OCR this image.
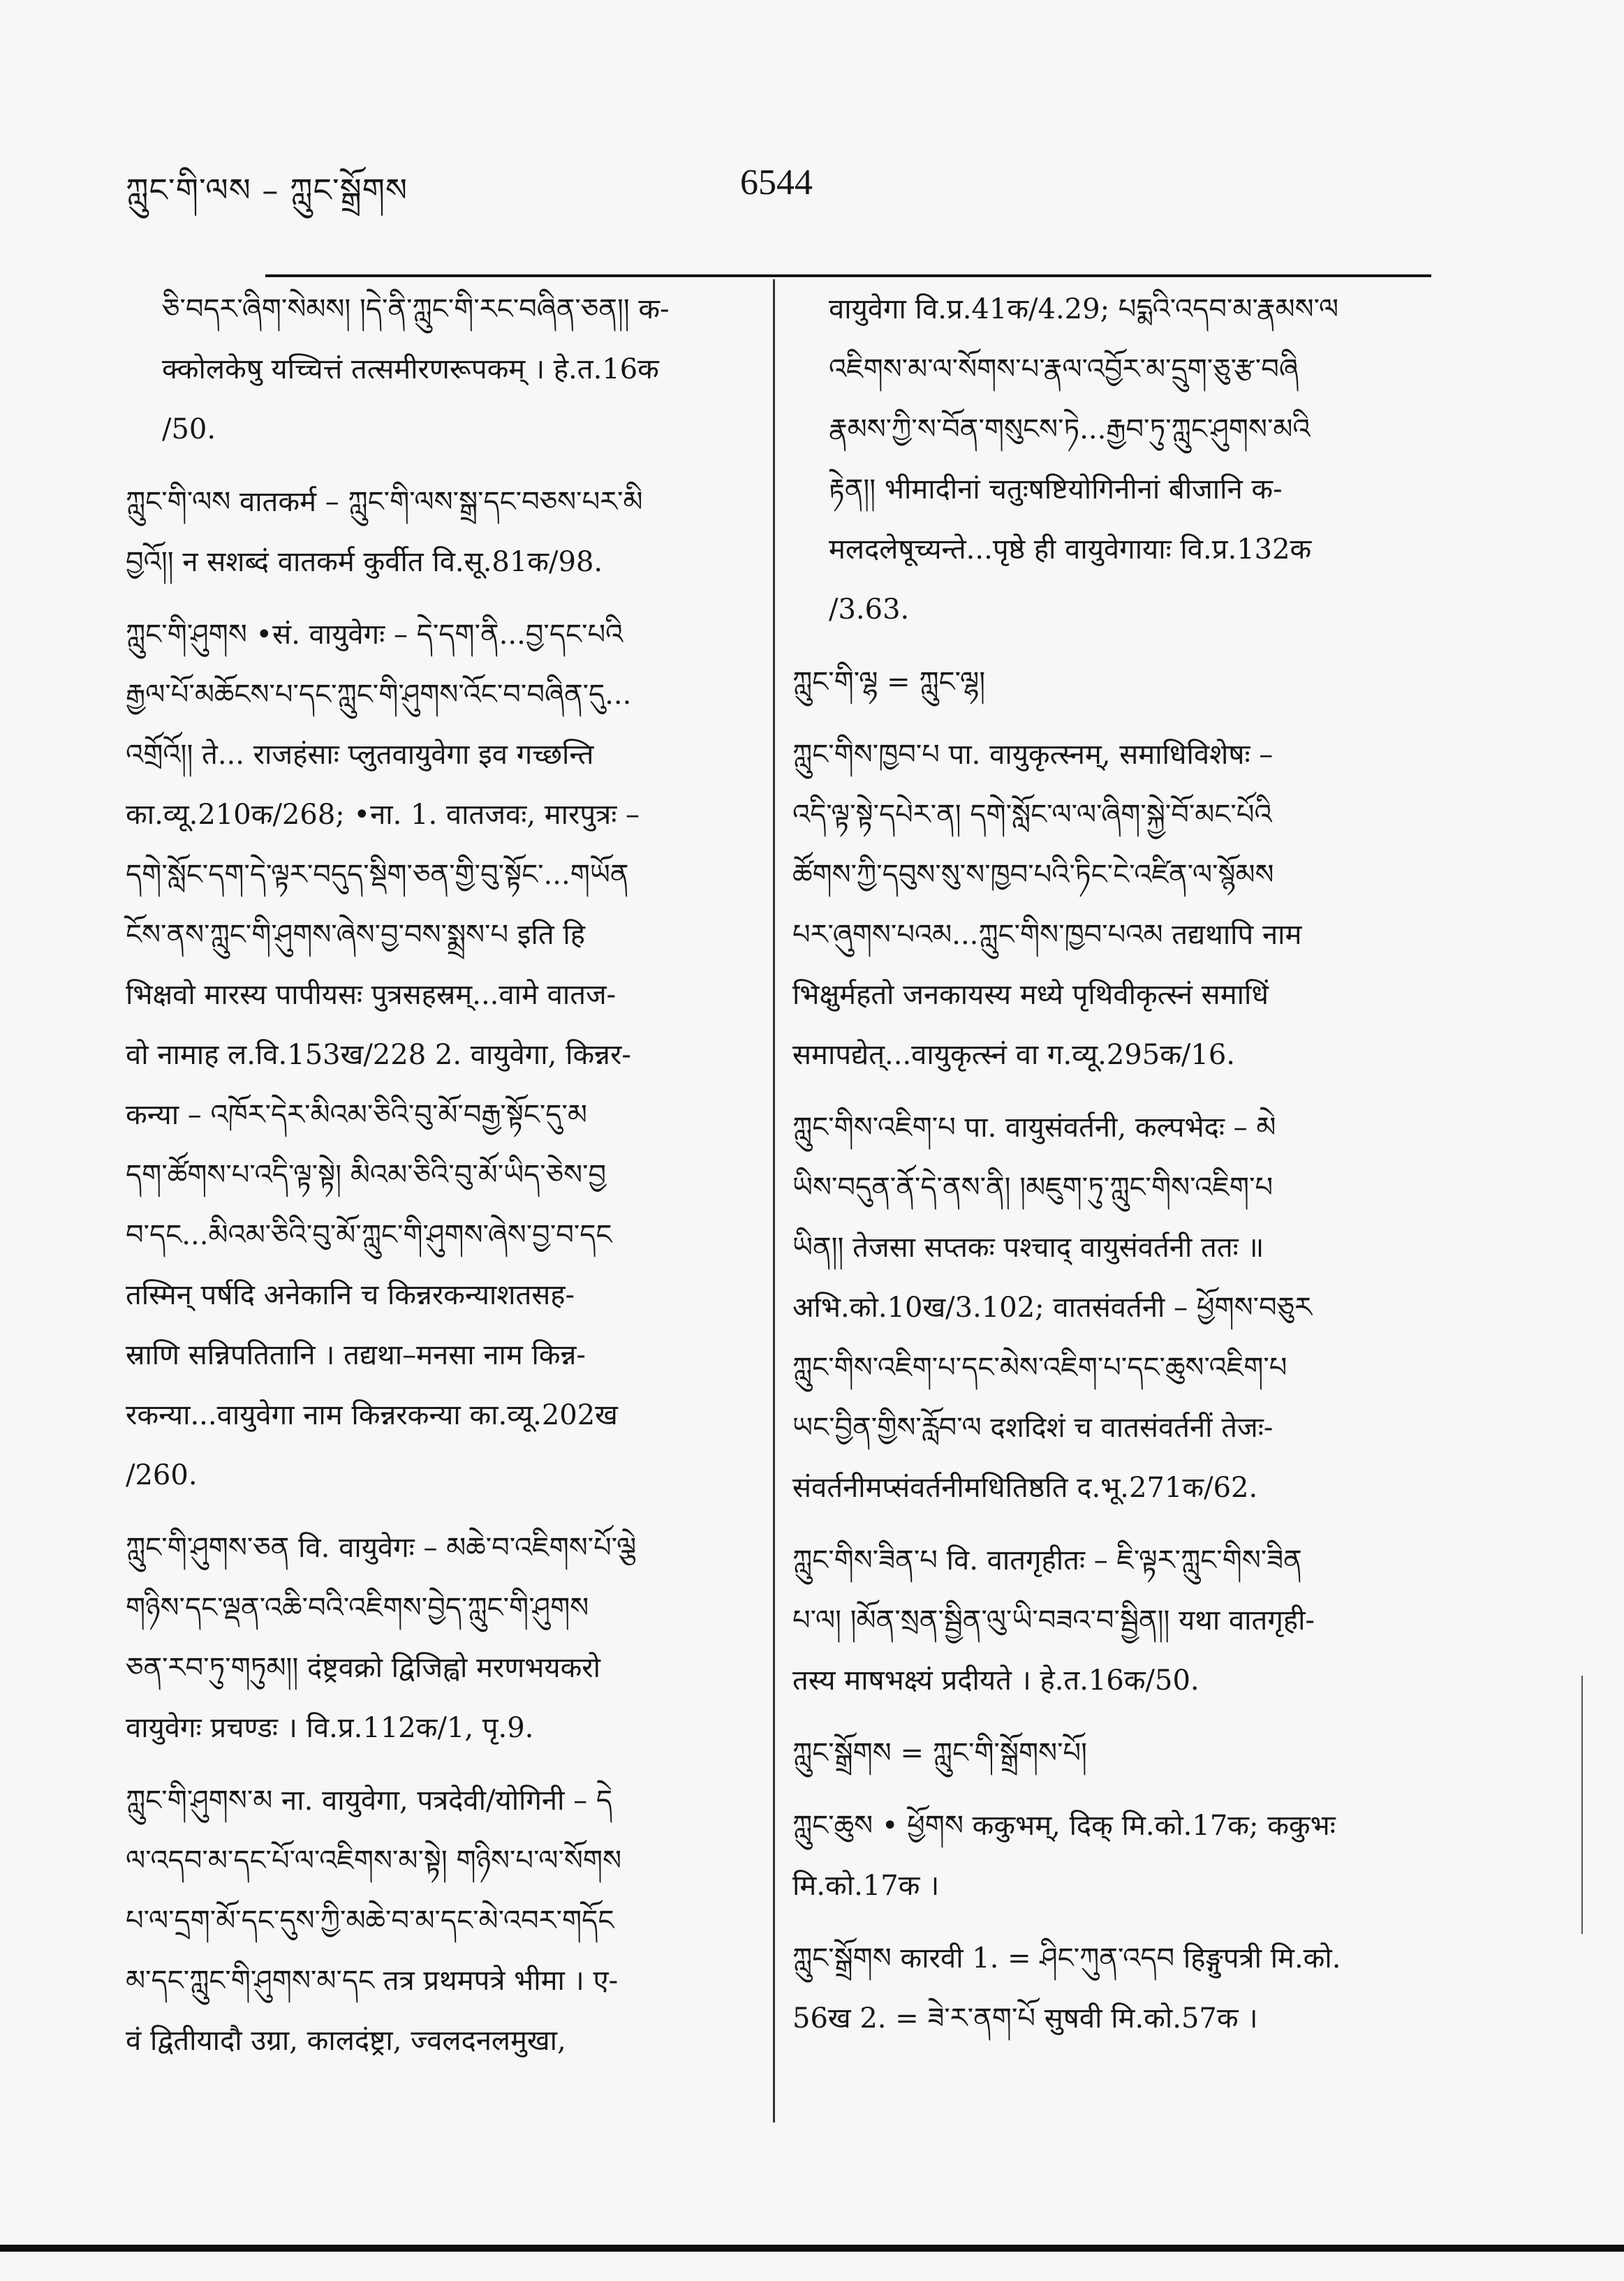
ཀླུང་གི་ལས – ཀླུང་སྒྲོགས	6544
ཅི་བདར་ཞིག་སེམས། །དེ་ནི་ཀླུང་གི་རང་བཞིན་ཅན།། क-
क्कोलकेषु यच्चित्तं तत्समीरणरूपकम् । हे.त.16क
/50.
ཀླུང་གི་ལས वातकर्म – ཀླུང་གི་ལས་སྒྲ་དང་བཅས་པར་མི
བྱའོ།། न सशब्दं वातकर्म कुर्वीत वि.सू.81क/98.
ཀླུང་གི་ཤུགས •सं. वायुवेगः – དེ་དག་ནི...བྱ་དང་པའི
རྒྱལ་པོ་མཆོངས་པ་དང་ཀླུང་གི་ཤུགས་འོང་བ་བཞིན་དུ...
འགྲོའོ།། ते... राजहंसाः प्लुतवायुवेगा इव गच्छन्ति
का.व्यू.210क/268; •ना. 1. वातजवः, मारपुत्रः –
དགེ་སློང་དག་དེ་ལྟར་བདུད་སྡིག་ཅན་གྱི་བུ་སྟོང་...གཡོན
ངོས་ནས་ཀླུང་གི་ཤུགས་ཞེས་བྱ་བས་སྨྲས་པ इति हि
भिक्षवो मारस्य पापीयसः पुत्रसहस्रम्...वामे वातज-
वो नामाह ल.वि.153ख/228 2. वायुवेगा, किन्नर-
कन्या – འཁོར་དེར་མིའམ་ཅིའི་བུ་མོ་བརྒྱ་སྟོང་དུ་མ
དག་ཚོགས་པ་འདི་ལྟ་སྟེ། མིའམ་ཅིའི་བུ་མོ་ཡིད་ཅེས་བྱ
བ་དང...མིའམ་ཅིའི་བུ་མོ་ཀླུང་གི་ཤུགས་ཞེས་བྱ་བ་དང
तस्मिन् पर्षदि अनेकानि च किन्नरकन्याशतसह-
स्राणि सन्निपतितानि । तद्यथा–मनसा नाम किन्न-
रकन्या...वायुवेगा नाम किन्नरकन्या का.व्यू.202ख
/260.
ཀླུང་གི་ཤུགས་ཅན वि. वायुवेगः – མཆེ་བ་འཇིགས་པོ་ལྕེ
གཉིས་དང་ལྡན་འཆི་བའི་འཇིགས་བྱེད་ཀླུང་གི་ཤུགས
ཅན་རབ་ཏུ་གཏུམ།། दंष्ट्रवक्रो द्विजिह्वो मरणभयकरो
वायुवेगः प्रचण्डः । वि.प्र.112क/1, पृ.9.
ཀླུང་གི་ཤུགས་མ ना. वायुवेगा, पत्रदेवी/योगिनी – དེ
ལ་འདབ་མ་དང་པོ་ལ་འཇིགས་མ་སྟེ། གཉིས་པ་ལ་སོགས
པ་ལ་དྲག་མོ་དང་དུས་ཀྱི་མཆེ་བ་མ་དང་མེ་འབར་གདོང
མ་དང་ཀླུང་གི་ཤུགས་མ་དང तत्र प्रथमपत्रे भीमा । ए-
वं द्वितीयादौ उग्रा, कालदंष्ट्रा, ज्वलदनलमुखा,
वायुवेगा वि.प्र.41क/4.29; པདྨའི་འདབ་མ་རྣམས་ལ
འཇིགས་མ་ལ་སོགས་པ་རྣལ་འབྱོར་མ་དྲུག་ཅུ་རྩ་བཞི
རྣམས་ཀྱི་ས་བོན་གསུངས་ཏེ...རྒྱབ་ཏུ་ཀླུང་ཤུགས་མའི
རྟེན།། भीमादीनां चतुःषष्टियोगिनीनां बीजानि क-
मलदलेषूच्यन्ते...पृष्ठे ही वायुवेगायाः वि.प्र.132क
/3.63.
ཀླུང་གི་ལྷ = ཀླུང་ལྷ།
ཀླུང་གིས་ཁྱབ་པ पा. वायुकृत्स्नम्, समाधिविशेषः –
འདི་ལྟ་སྟེ་དཔེར་ན། དགེ་སློང་ལ་ལ་ཞིག་སྐྱེ་བོ་མང་པོའི
ཚོགས་ཀྱི་དབུས་སུ་ས་ཁྱབ་པའི་ཏིང་ངེ་འཛིན་ལ་སྙོམས
པར་ཞུགས་པའམ...ཀླུང་གིས་ཁྱབ་པའམ तद्यथापि नाम
भिक्षुर्महतो जनकायस्य मध्ये पृथिवीकृत्स्नं समाधिं
समापद्येत्...वायुकृत्स्नं वा ग.व्यू.295क/16.
ཀླུང་གིས་འཇིག་པ पा. वायुसंवर्तनी, कल्पभेदः – མེ
ཡིས་བདུན་ནོ་དེ་ནས་ནི། །མཇུག་ཏུ་ཀླུང་གིས་འཇིག་པ
ཡིན།། तेजसा सप्तकः पश्चाद् वायुसंवर्तनी ततः ॥
अभि.को.10ख/3.102; वातसंवर्तनी – ཕྱོགས་བཅུར
ཀླུང་གིས་འཇིག་པ་དང་མེས་འཇིག་པ་དང་ཆུས་འཇིག་པ
ཡང་བྱིན་གྱིས་རློབ་ལ दशदिशं च वातसंवर्तनीं तेजः-
संवर्तनीमप्संवर्तनीमधितिष्ठति द.भू.271क/62.
ཀླུང་གིས་ཟིན་པ वि. वातगृहीतः – ཇི་ལྟར་ཀླུང་གིས་ཟིན
པ་ལ། །མོན་སྲན་སྦྱིན་ལུ་ཡི་བཟའ་བ་སྦྱིན།། यथा वातगृही-
तस्य माषभक्ष्यं प्रदीयते । हे.त.16क/50.
ཀླུང་སྒྲོགས = ཀླུང་གི་སྒྲོགས་པོ།
ཀླུང་ཆུས • ཕྱོགས ककुभम्, दिक् मि.को.17क; ककुभः
मि.को.17क ।
ཀླུང་སྒྲོགས कारवी 1. = ཤིང་ཀུན་འདབ हिङ्गुपत्री मि.को.
56ख 2. = ཟེ་ར་ནག་པོ सुषवी मि.को.57क ।
